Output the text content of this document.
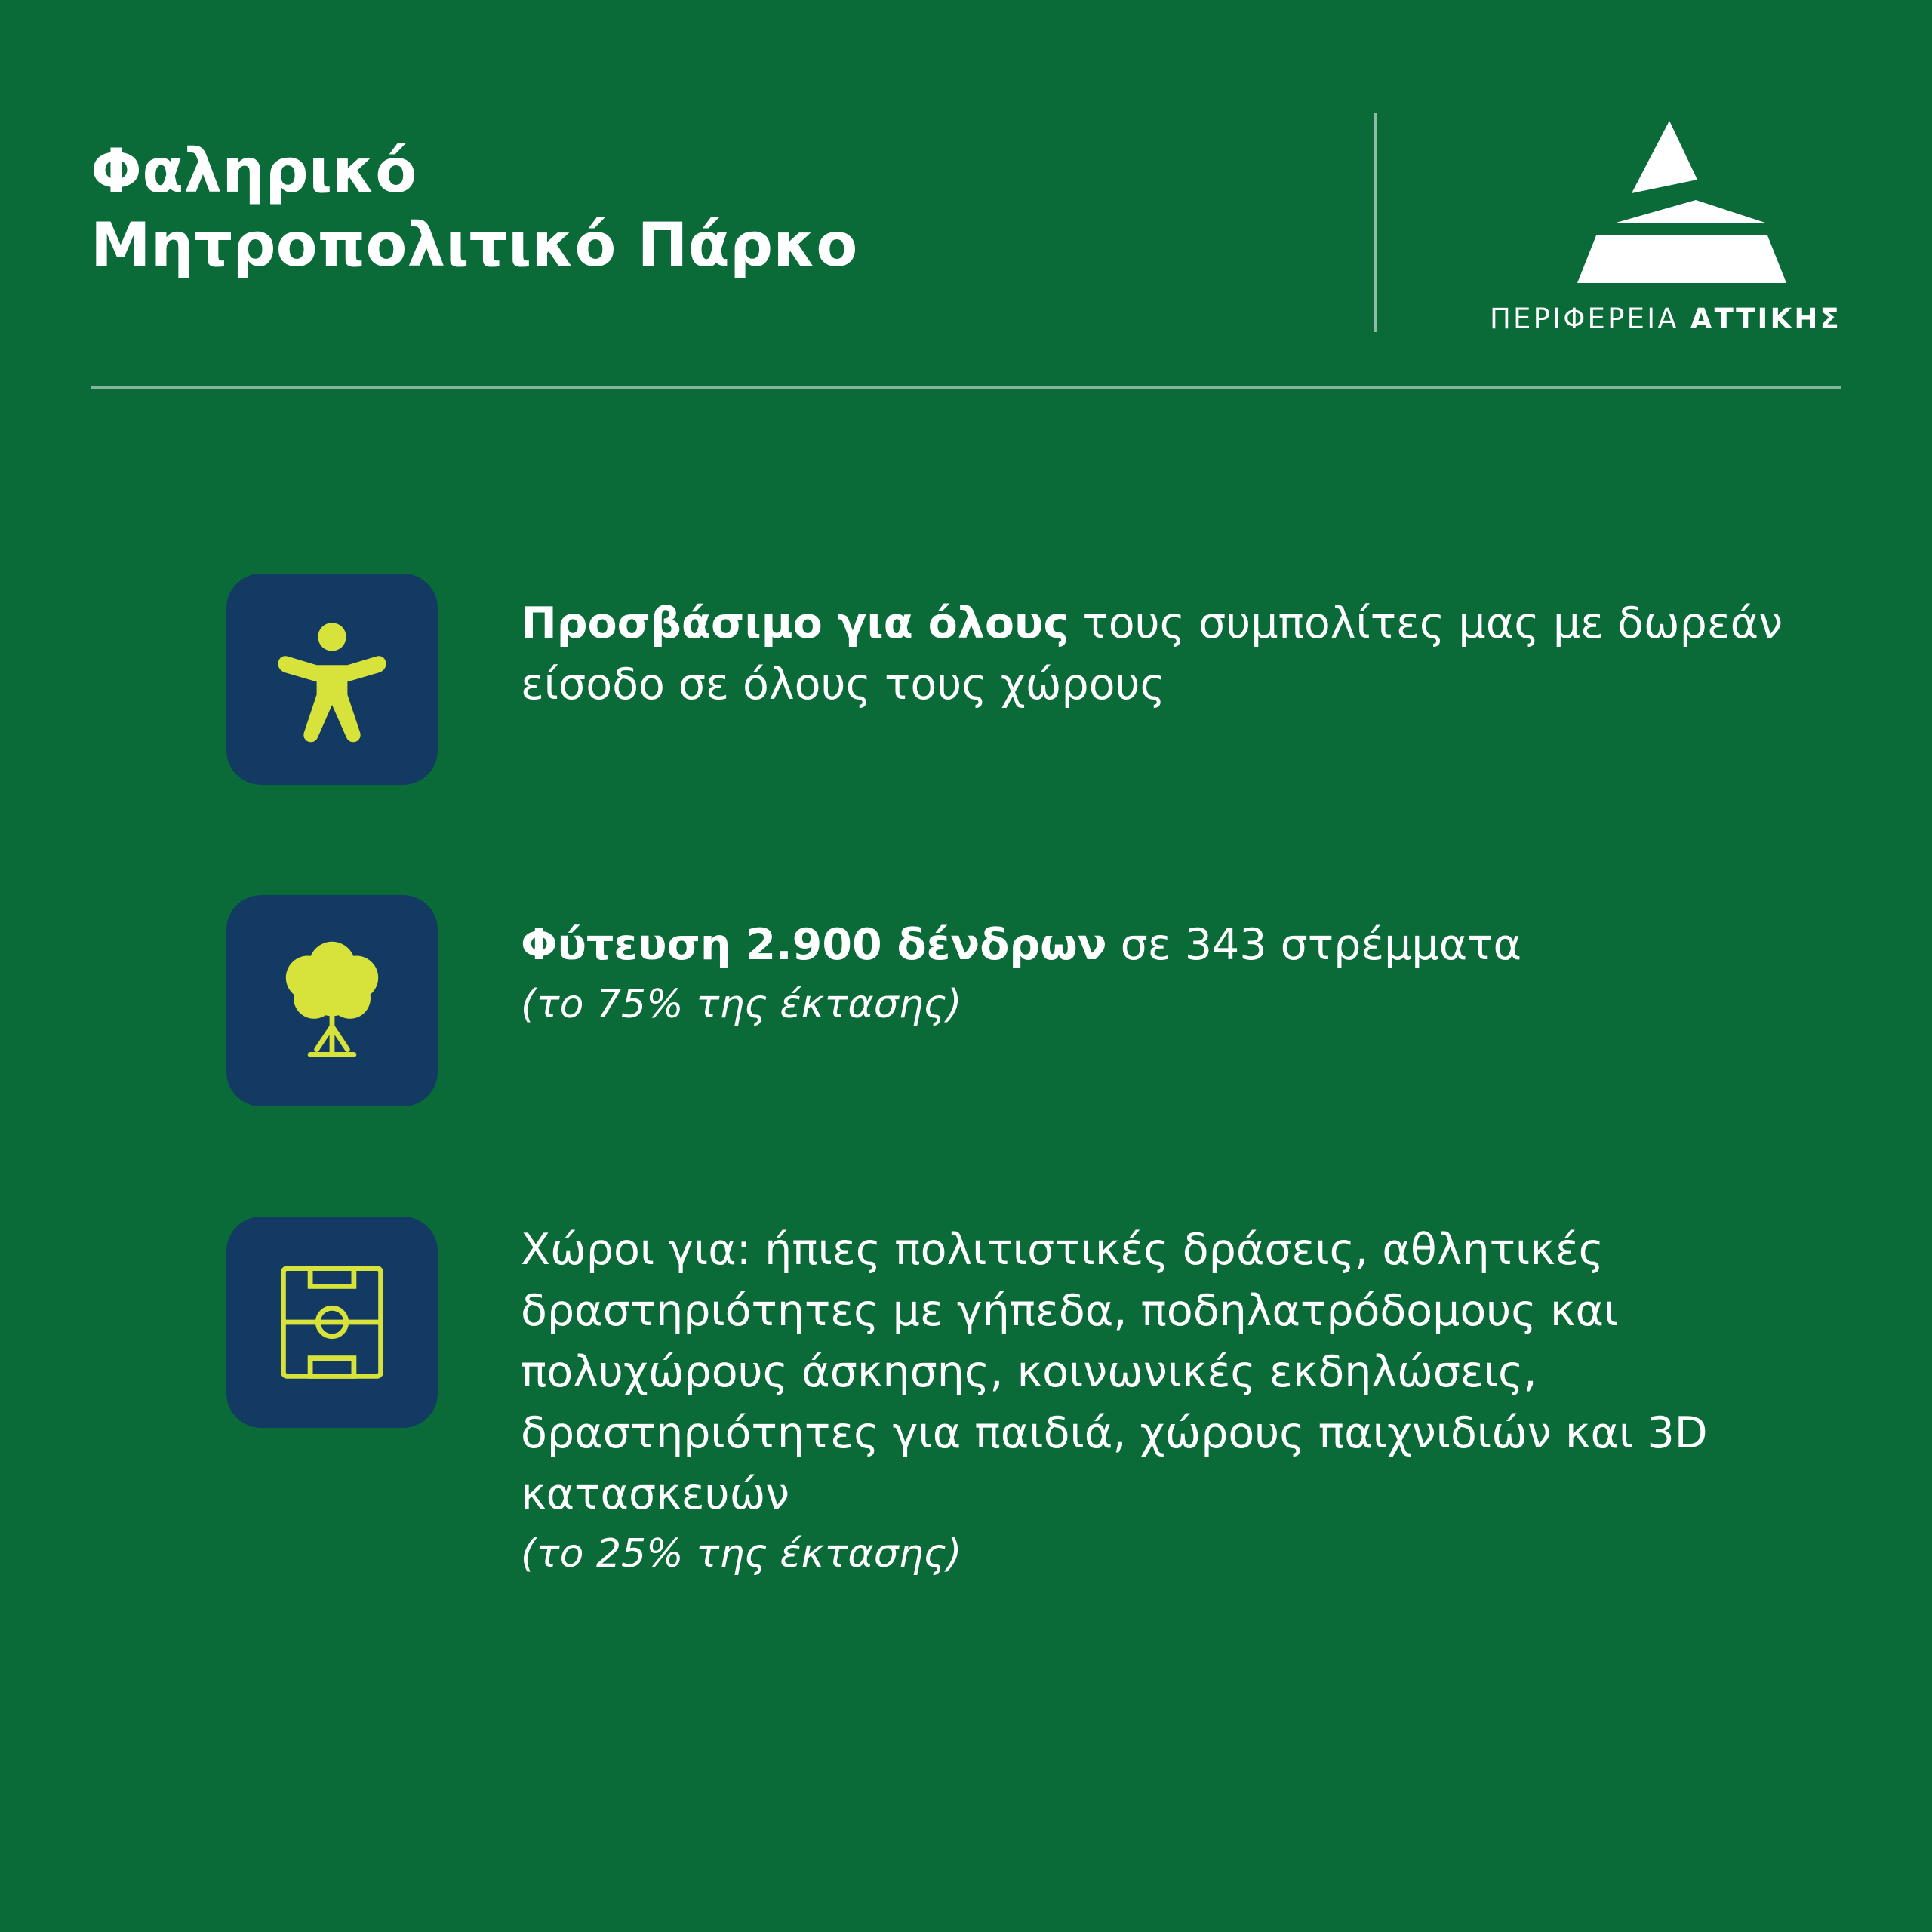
Φαληρικό
Μητροπολιτικό Πάρκο
ΠΕΡΙΦΕΡΕΙΑ ΑΤΤΙΚΗΣ
Προσβάσιμο για όλους τους συμπολίτες μας με δωρεάν είσοδο σε όλους τους χώρους
Φύτευση 2.900 δένδρων σε 343 στρέμματα
(το 75% της έκτασης)
Χώροι για: ήπιες πολιτιστικές δράσεις, αθλητικές δραστηριότητες με γήπεδα, ποδηλατρόδομους και πολυχώρους άσκησης, κοινωνικές εκδηλώσεις, δραστηριότητες για παιδιά, χώρους παιχνιδιών και 3D κατασκευών
(το 25% της έκτασης)
